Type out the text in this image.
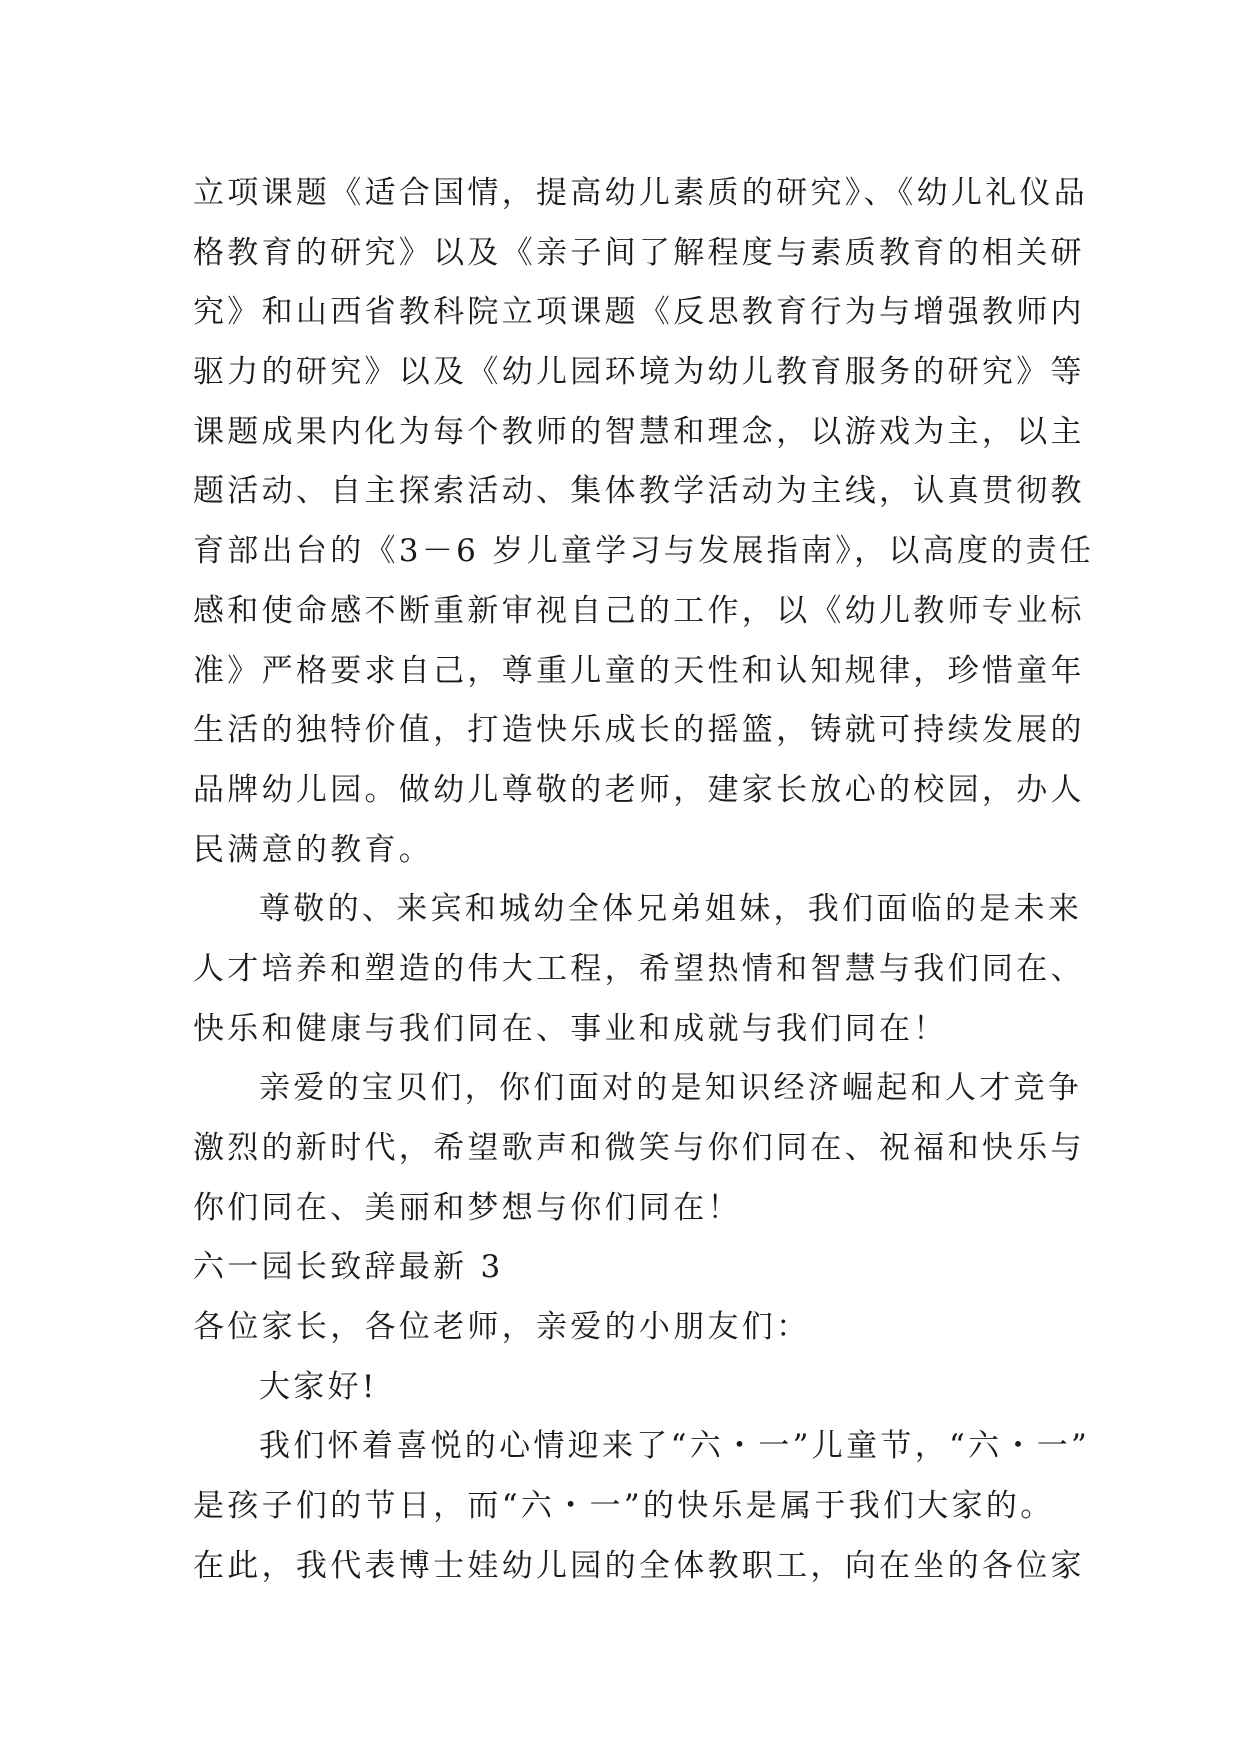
立项课题《适合国情，提高幼儿素质的研究》、《幼儿礼仪品
格教育的研究》以及《亲子间了解程度与素质教育的相关研
究》和山西省教科院立项课题《反思教育行为与增强教师内
驱力的研究》以及《幼儿园环境为幼儿教育服务的研究》等
课题成果内化为每个教师的智慧和理念，以游戏为主，以主
题活动、自主探索活动、集体教学活动为主线，认真贯彻教
育部出台的《3－6 岁儿童学习与发展指南》，以高度的责任
感和使命感不断重新审视自己的工作，以《幼儿教师专业标
准》严格要求自己，尊重儿童的天性和认知规律，珍惜童年
生活的独特价值，打造快乐成长的摇篮，铸就可持续发展的
品牌幼儿园。做幼儿尊敬的老师，建家长放心的校园，办人
民满意的教育。
尊敬的、来宾和城幼全体兄弟姐妹，我们面临的是未来
人才培养和塑造的伟大工程，希望热情和智慧与我们同在、
快乐和健康与我们同在、事业和成就与我们同在！
亲爱的宝贝们，你们面对的是知识经济崛起和人才竞争
激烈的新时代，希望歌声和微笑与你们同在、祝福和快乐与
你们同在、美丽和梦想与你们同在！
六一园长致辞最新 3
各位家长，各位老师，亲爱的小朋友们：
大家好!
我们怀着喜悦的心情迎来了“六・一”儿童节，“六・一”
是孩子们的节日，而“六・一”的快乐是属于我们大家的。
在此，我代表博士娃幼儿园的全体教职工，向在坐的各位家
